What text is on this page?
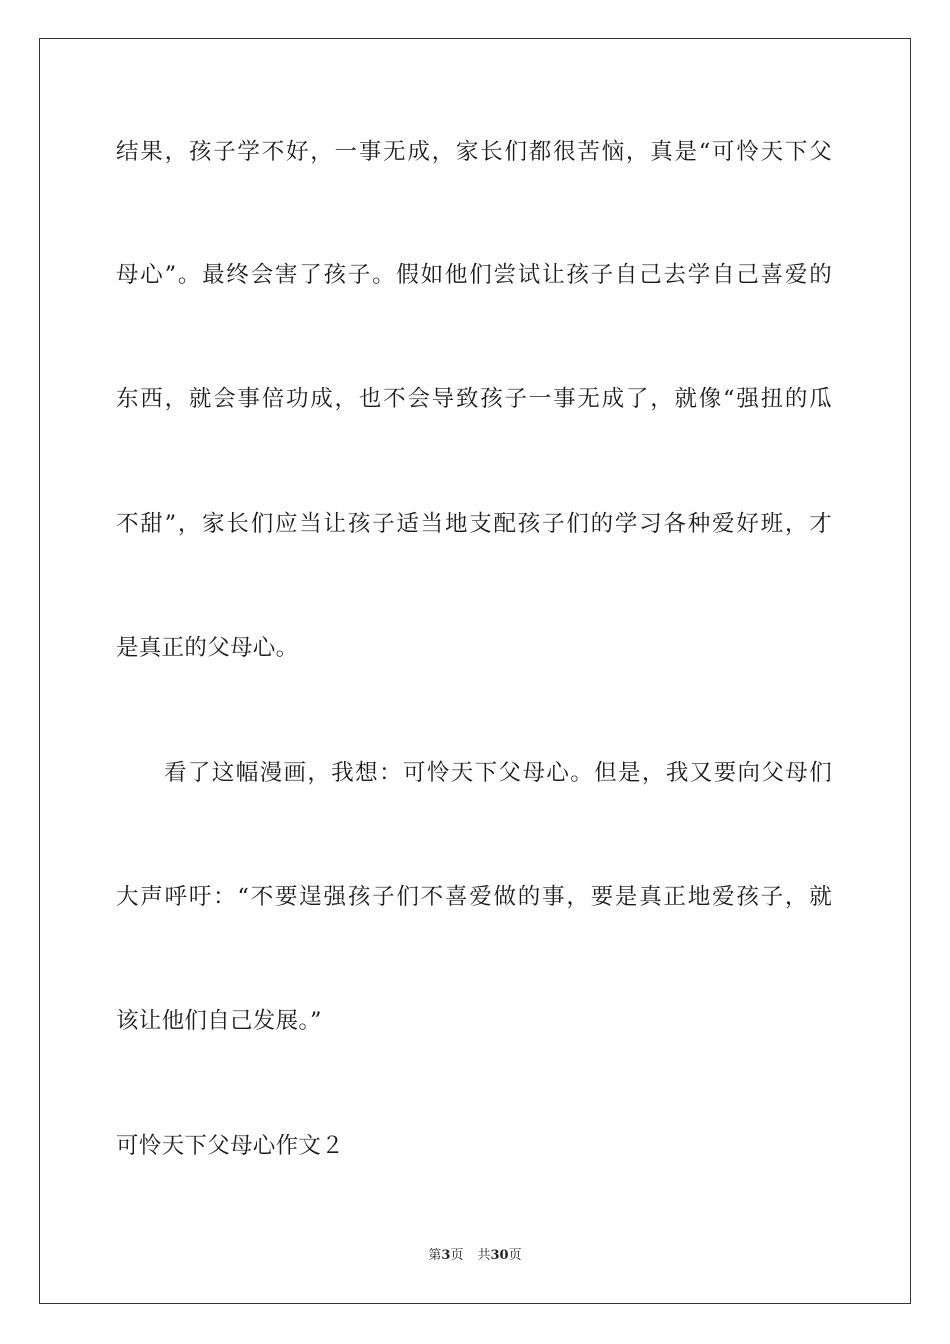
结果，孩子学不好，一事无成，家长们都很苦恼，真是“可怜天下父
母心”。最终会害了孩子。假如他们尝试让孩子自己去学自己喜爱的
东西，就会事倍功成，也不会导致孩子一事无成了，就像“强扭的瓜
不甜”，家长们应当让孩子适当地支配孩子们的学习各种爱好班，才
是真正的父母心。
看了这幅漫画，我想：可怜天下父母心。但是，我又要向父母们
大声呼吁：“不要逞强孩子们不喜爱做的事，要是真正地爱孩子，就
该让他们自己发展。”
可怜天下父母心作文２
第3页 共30页
